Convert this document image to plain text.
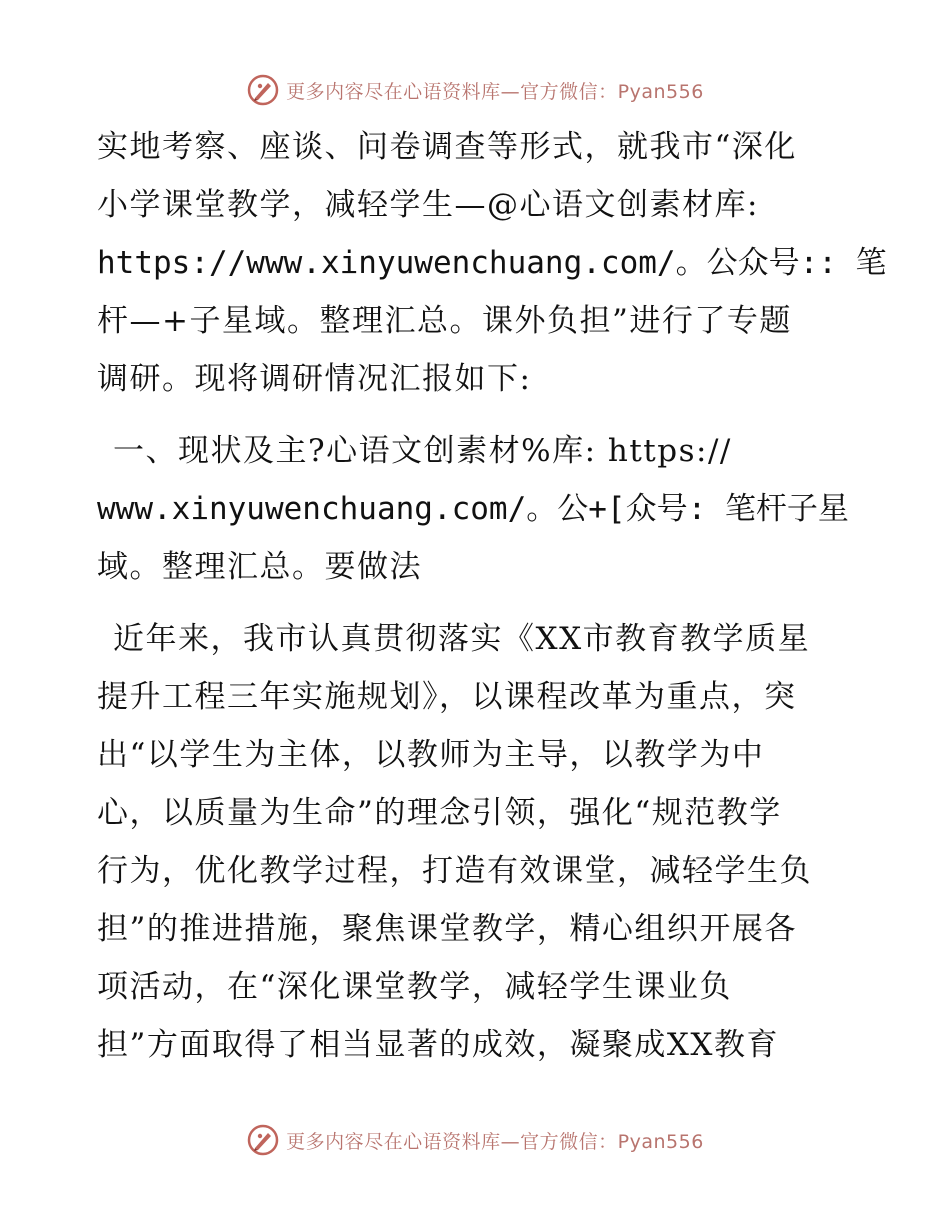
更多内容尽在心语资料库—官方微信：Pyan556
实地考察、座谈、问卷调查等形式，就我市“深化
小学课堂教学，减轻学生—@心语文创素材库:
https://www.xinyuwenchuang.com/。公众号:: 笔
杆—+子星域。整理汇总。课外负担”进行了专题
调研。现将调研情况汇报如下:
一、现状及主?心语文创素材%库: https://
www.xinyuwenchuang.com/。公+[众号: 笔杆子星
域。整理汇总。要做法
近年来，我市认真贯彻落实《XX市教育教学质星
提升工程三年实施规划》，以课程改革为重点，突
出“以学生为主体，以教师为主导，以教学为中
心，以质量为生命”的理念引领，强化“规范教学
行为，优化教学过程，打造有效课堂，减轻学生负
担”的推进措施，聚焦课堂教学，精心组织开展各
项活动，在“深化课堂教学，减轻学生课业负
担”方面取得了相当显著的成效，凝聚成XX教育
更多内容尽在心语资料库—官方微信：Pyan556
